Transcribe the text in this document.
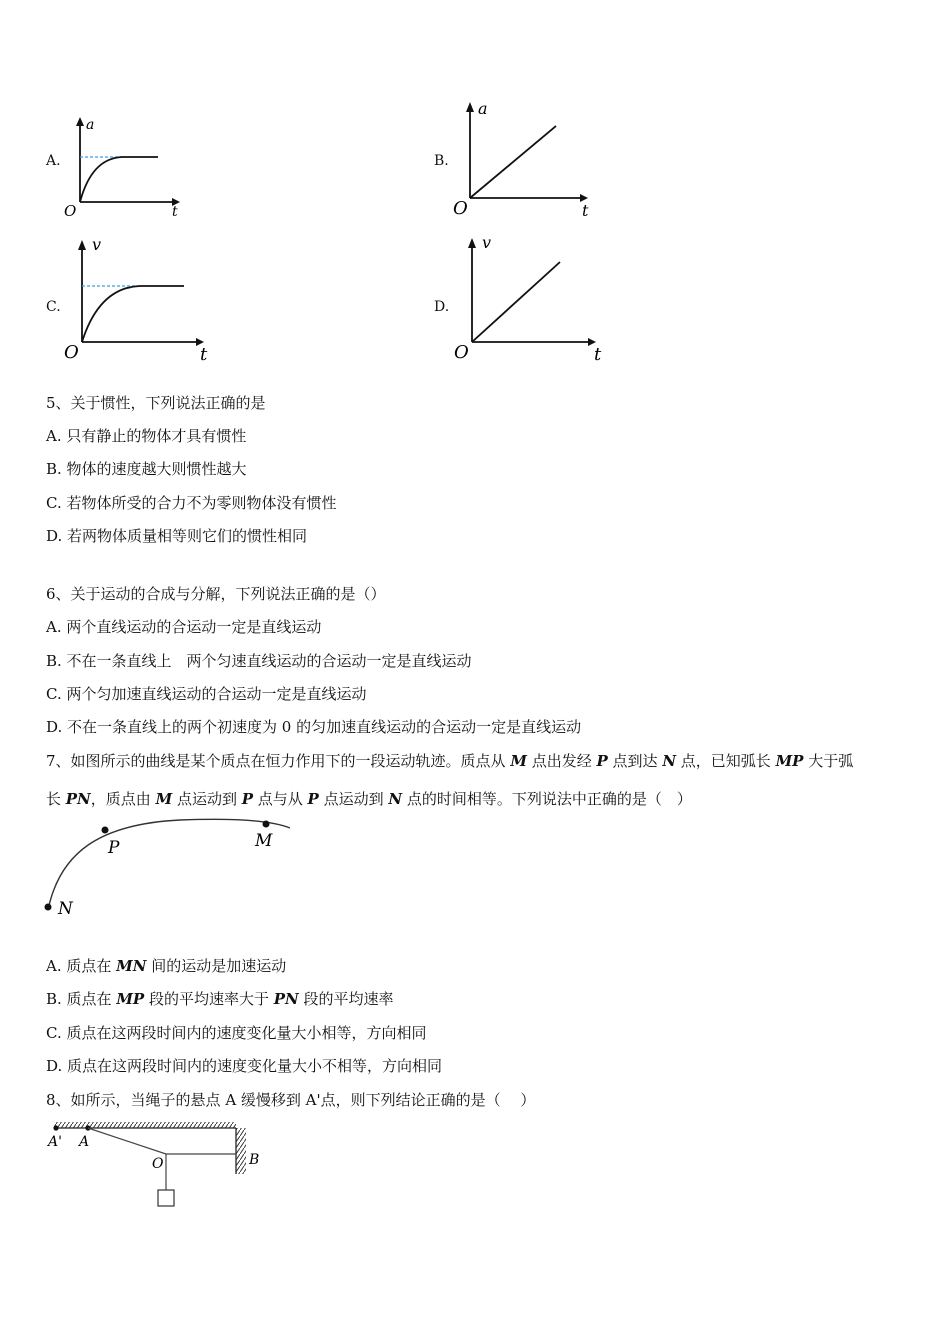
A.
a
t
O
B.
a
t
O
C.
v
t
O
D.
v
t
O
5、关于惯性，下列说法正确的是
A. 只有静止的物体才具有惯性
B. 物体的速度越大则惯性越大
C. 若物体所受的合力不为零则物体没有惯性
D. 若两物体质量相等则它们的惯性相同
6、关于运动的合成与分解，下列说法正确的是（）
A. 两个直线运动的合运动一定是直线运动
B. 不在一条直线上　两个匀速直线运动的合运动一定是直线运动
C. 两个匀加速直线运动的合运动一定是直线运动
D. 不在一条直线上的两个初速度为 0 的匀加速直线运动的合运动一定是直线运动
7、如图所示的曲线是某个质点在恒力作用下的一段运动轨迹。质点从 M 点出发经 P 点到达 N 点，已知弧长 MP 大于弧
长 PN，质点由 M 点运动到 P 点与从 P 点运动到 N 点的时间相等。下列说法中正确的是（　）
P	M
N
A. 质点在 MN 间的运动是加速运动
B. 质点在 MP 段的平均速率大于 PN 段的平均速率
C. 质点在这两段时间内的速度变化量大小相等，方向相同
D. 质点在这两段时间内的速度变化量大小不相等，方向相同
8、如所示，当绳子的悬点 A 缓慢移到 A'点，则下列结论正确的是（　 ）
A' A
O	B
